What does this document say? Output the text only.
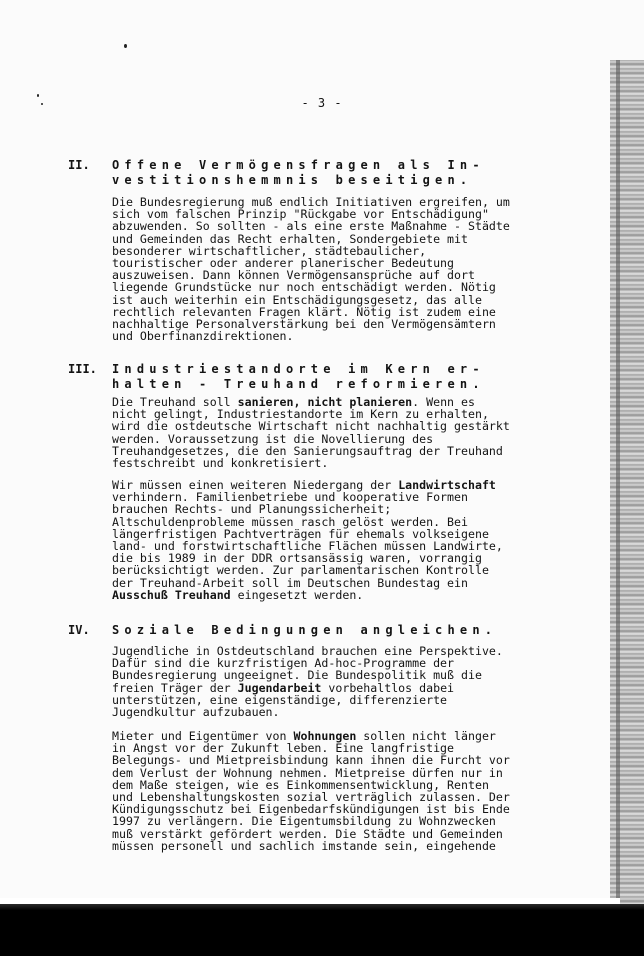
- 3 -
II. Offene Vermögensfragen als In-
vestitionshemmnis beseitigen.

Die Bundesregierung muß endlich Initiativen ergreifen, um
sich vom falschen Prinzip "Rückgabe vor Entschädigung"
abzuwenden. So sollten - als eine erste Maßnahme - Städte
und Gemeinden das Recht erhalten, Sondergebiete mit
besonderer wirtschaftlicher, städtebaulicher,
touristischer oder anderer planerischer Bedeutung
auszuweisen. Dann können Vermögensansprüche auf dort
liegende Grundstücke nur noch entschädigt werden. Nötig
ist auch weiterhin ein Entschädigungsgesetz, das alle
rechtlich relevanten Fragen klärt. Nötig ist zudem eine
nachhaltige Personalverstärkung bei den Vermögensämtern
und Oberfinanzdirektionen.

III. Industriestandorte im Kern er-
halten - Treuhand reformieren.

Die Treuhand soll sanieren, nicht planieren. Wenn es
nicht gelingt, Industriestandorte im Kern zu erhalten,
wird die ostdeutsche Wirtschaft nicht nachhaltig gestärkt
werden. Voraussetzung ist die Novellierung des
Treuhandgesetzes, die den Sanierungsauftrag der Treuhand
festschreibt und konkretisiert.

Wir müssen einen weiteren Niedergang der Landwirtschaft
verhindern. Familienbetriebe und kooperative Formen
brauchen Rechts- und Planungssicherheit;
Altschuldenprobleme müssen rasch gelöst werden. Bei
längerfristigen Pachtverträgen für ehemals volkseigene
land- und forstwirtschaftliche Flächen müssen Landwirte,
die bis 1989 in der DDR ortsansässig waren, vorrangig
berücksichtigt werden. Zur parlamentarischen Kontrolle
der Treuhand-Arbeit soll im Deutschen Bundestag ein
Ausschuß Treuhand eingesetzt werden.

IV. Soziale Bedingungen angleichen.

Jugendliche in Ostdeutschland brauchen eine Perspektive.
Dafür sind die kurzfristigen Ad-hoc-Programme der
Bundesregierung ungeeignet. Die Bundespolitik muß die
freien Träger der Jugendarbeit vorbehaltlos dabei
unterstützen, eine eigenständige, differenzierte
Jugendkultur aufzubauen.

Mieter und Eigentümer von Wohnungen sollen nicht länger
in Angst vor der Zukunft leben. Eine langfristige
Belegungs- und Mietpreisbindung kann ihnen die Furcht vor
dem Verlust der Wohnung nehmen. Mietpreise dürfen nur in
dem Maße steigen, wie es Einkommensentwicklung, Renten
und Lebenshaltungskosten sozial verträglich zulassen. Der
Kündigungsschutz bei Eigenbedarfskündigungen ist bis Ende
1997 zu verlängern. Die Eigentumsbildung zu Wohnzwecken
muß verstärkt gefördert werden. Die Städte und Gemeinden
müssen personell und sachlich imstande sein, eingehende
